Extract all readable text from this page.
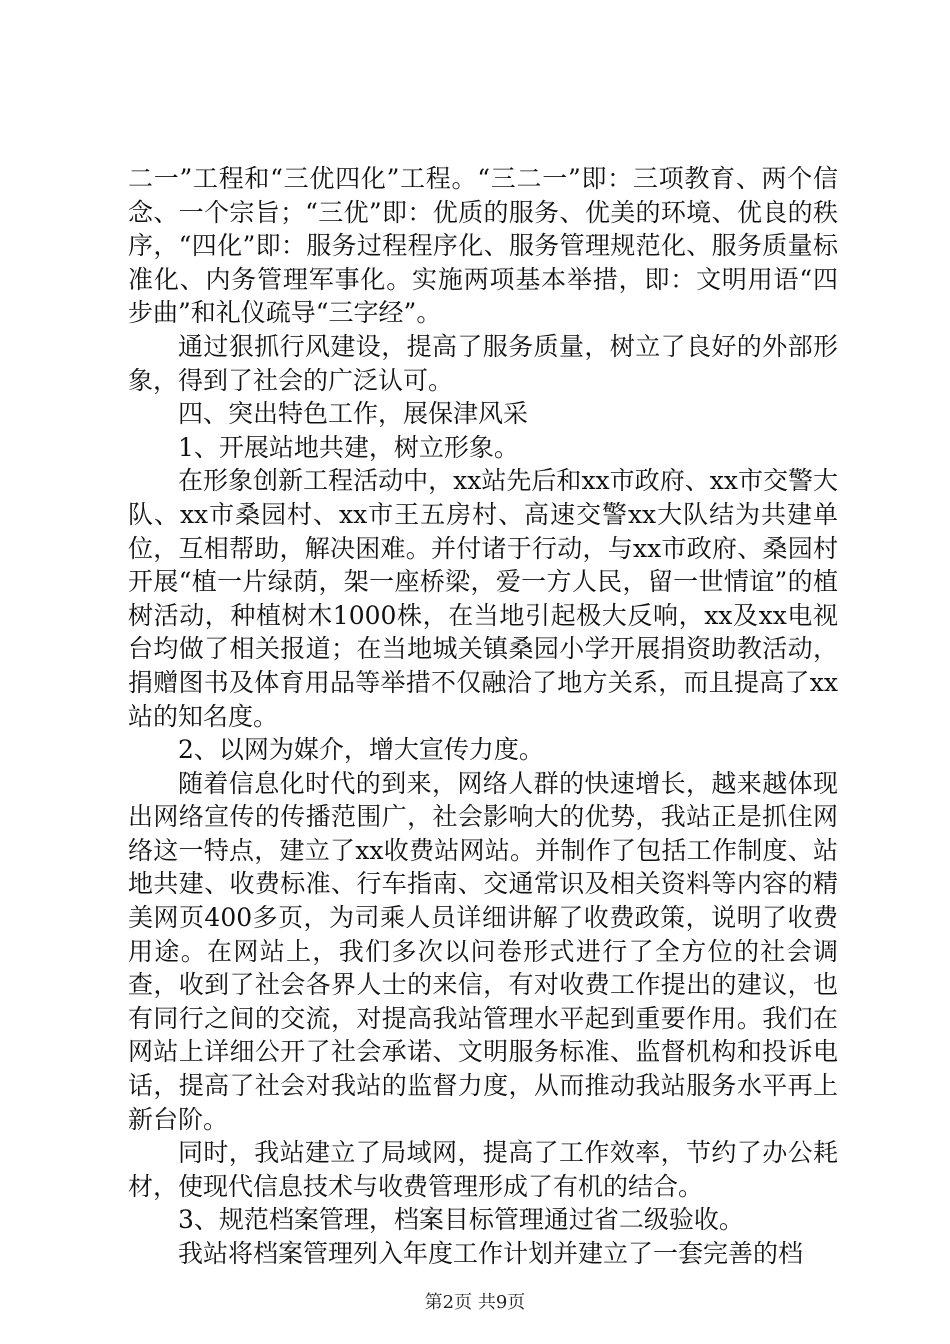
二一”工程和“三优四化”工程。“三二一”即：三项教育、两个信念、一个宗旨；“三优”即：优质的服务、优美的环境、优良的秩序，“四化”即：服务过程程序化、服务管理规范化、服务质量标准化、内务管理军事化。实施两项基本举措，即：文明用语“四步曲”和礼仪疏导“三字经”。

通过狠抓行风建设，提高了服务质量，树立了良好的外部形象，得到了社会的广泛认可。

四、突出特色工作，展保津风采

1、开展站地共建，树立形象。

在形象创新工程活动中，xx站先后和xx市政府、xx市交警大队、xx市桑园村、xx市王五房村、高速交警xx大队结为共建单位，互相帮助，解决困难。并付诸于行动，与xx市政府、桑园村开展“植一片绿荫，架一座桥梁，爱一方人民，留一世情谊”的植树活动，种植树木1000株，在当地引起极大反响，xx及xx电视台均做了相关报道；在当地城关镇桑园小学开展捐资助教活动，捐赠图书及体育用品等举措不仅融洽了地方关系，而且提高了xx站的知名度。

2、以网为媒介，增大宣传力度。

随着信息化时代的到来，网络人群的快速增长，越来越体现出网络宣传的传播范围广，社会影响大的优势，我站正是抓住网络这一特点，建立了xx收费站网站。并制作了包括工作制度、站地共建、收费标准、行车指南、交通常识及相关资料等内容的精美网页400多页，为司乘人员详细讲解了收费政策，说明了收费用途。在网站上，我们多次以问卷形式进行了全方位的社会调查，收到了社会各界人士的来信，有对收费工作提出的建议，也有同行之间的交流，对提高我站管理水平起到重要作用。我们在网站上详细公开了社会承诺、文明服务标准、监督机构和投诉电话，提高了社会对我站的监督力度，从而推动我站服务水平再上新台阶。

同时，我站建立了局域网，提高了工作效率，节约了办公耗材，使现代信息技术与收费管理形成了有机的结合。

3、规范档案管理，档案目标管理通过省二级验收。

我站将档案管理列入年度工作计划并建立了一套完善的档

第2页 共9页
